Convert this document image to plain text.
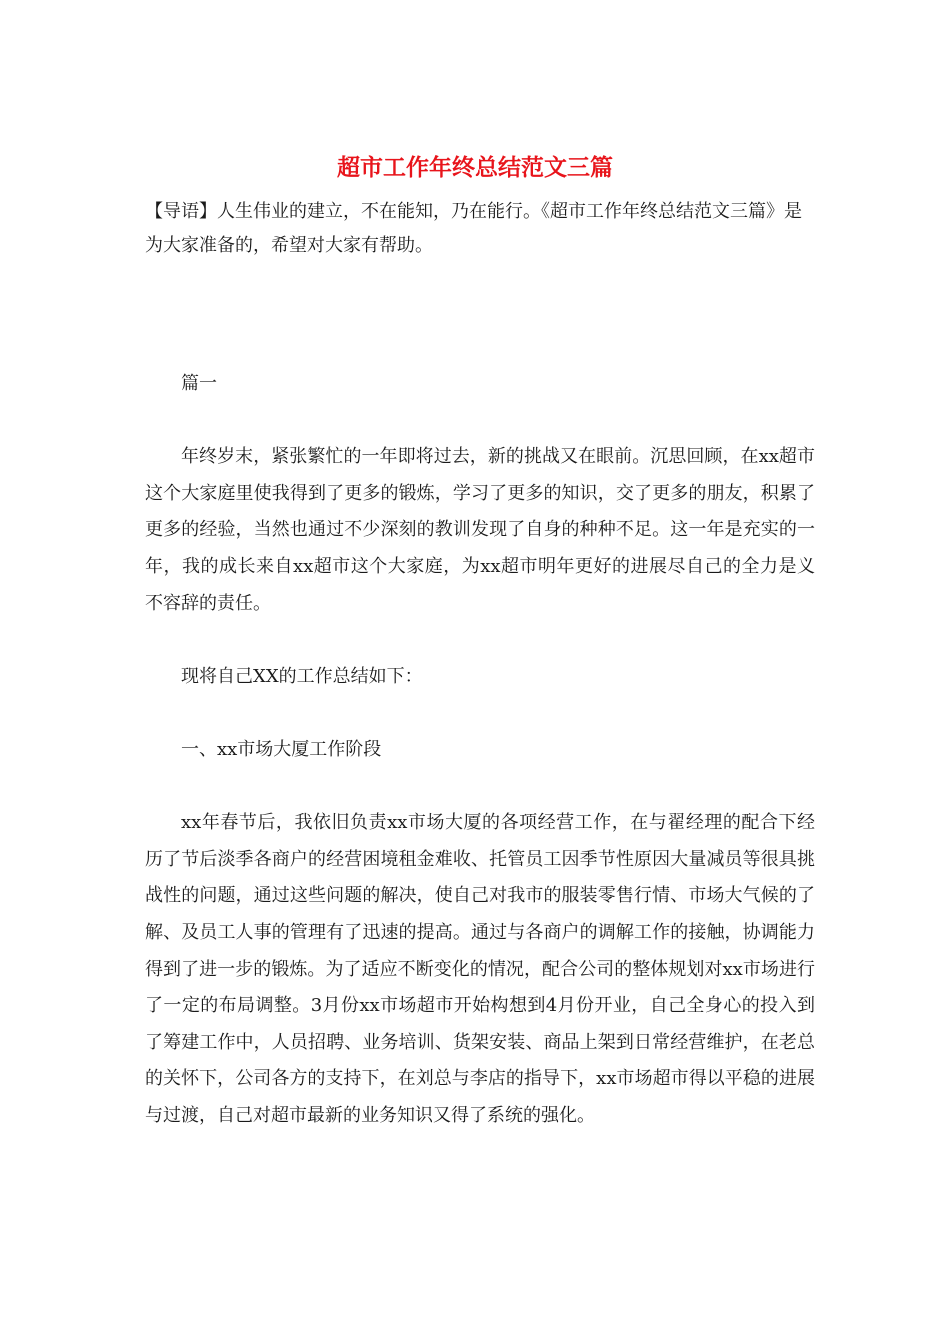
超市工作年终总结范文三篇

【导语】人生伟业的建立，不在能知，乃在能行。《超市工作年终总结范文三篇》是为大家准备的，希望对大家有帮助。

篇一

年终岁末，紧张繁忙的一年即将过去，新的挑战又在眼前。沉思回顾，在xx超市这个大家庭里使我得到了更多的锻炼，学习了更多的知识，交了更多的朋友，积累了更多的经验，当然也通过不少深刻的教训发现了自身的种种不足。这一年是充实的一年，我的成长来自xx超市这个大家庭，为xx超市明年更好的进展尽自己的全力是义不容辞的责任。

现将自己XX的工作总结如下：

一、xx市场大厦工作阶段

xx年春节后，我依旧负责xx市场大厦的各项经营工作，在与翟经理的配合下经历了节后淡季各商户的经营困境租金难收、托管员工因季节性原因大量减员等很具挑战性的问题，通过这些问题的解决，使自己对我市的服装零售行情、市场大气候的了解、及员工人事的管理有了迅速的提高。通过与各商户的调解工作的接触，协调能力得到了进一步的锻炼。为了适应不断变化的情况，配合公司的整体规划对xx市场进行了一定的布局调整。3月份xx市场超市开始构想到4月份开业，自己全身心的投入到了筹建工作中，人员招聘、业务培训、货架安装、商品上架到日常经营维护，在老总的关怀下，公司各方的支持下，在刘总与李店的指导下，xx市场超市得以平稳的进展与过渡，自己对超市最新的业务知识又得了系统的强化。
